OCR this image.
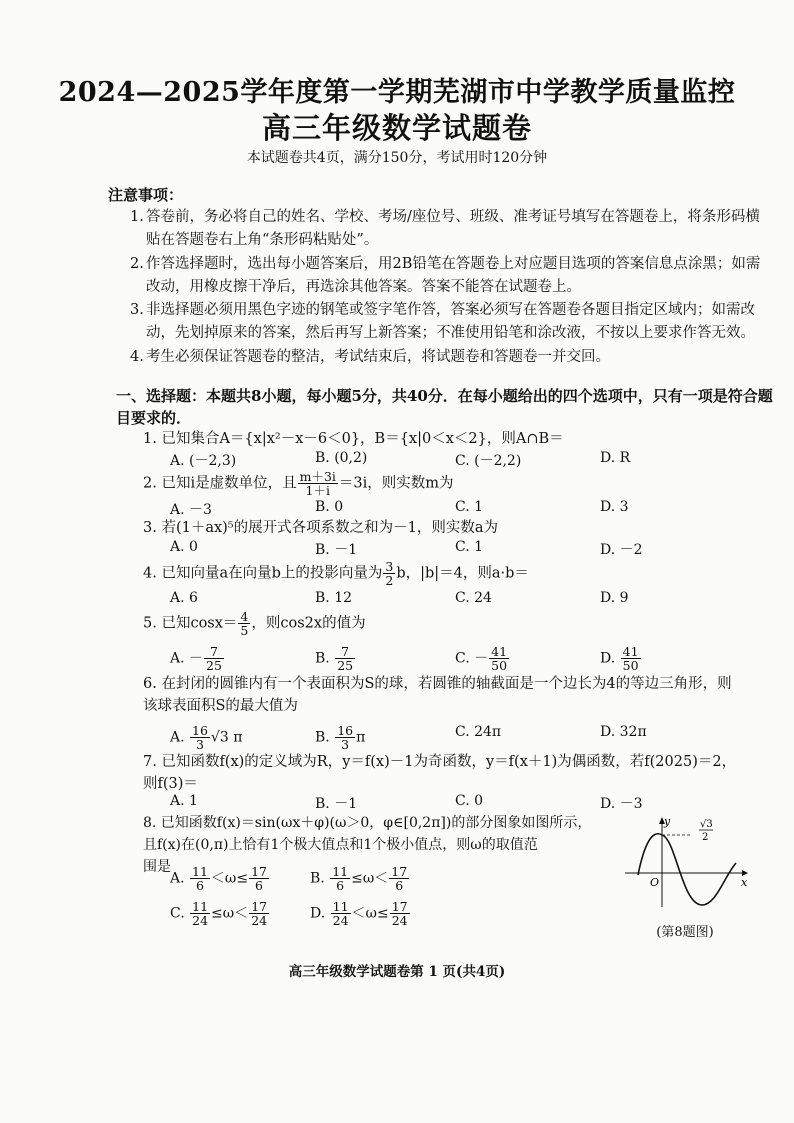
2024—2025学年度第一学期芜湖市中学教学质量监控
高三年级数学试题卷
本试题卷共4页，满分150分，考试用时120分钟
注意事项：
1. 答卷前，务必将自己的姓名、学校、考场/座位号、班级、准考证号填写在答题卷上，将条形码横贴在答题卷右上角“条形码粘贴处”。
2. 作答选择题时，选出每小题答案后，用2B铅笔在答题卷上对应题目选项的答案信息点涂黑；如需改动，用橡皮擦干净后，再选涂其他答案。答案不能答在试题卷上。
3. 非选择题必须用黑色字迹的钢笔或签字笔作答，答案必须写在答题卷各题目指定区域内；如需改动，先划掉原来的答案，然后再写上新答案；不准使用铅笔和涂改液，不按以上要求作答无效。
4. 考生必须保证答题卷的整洁，考试结束后，将试题卷和答题卷一并交回。
一、选择题：本题共8小题，每小题5分，共40分．在每小题给出的四个选项中，只有一项是符合题目要求的．
1. 已知集合A＝{x|x²－x－6＜0}，B＝{x|0＜x＜2}，则A∩B＝
A. (－2,3)	B. (0,2)	C. (－2,2)	D. R
2. 已知i是虚数单位，且 $\frac{m+3i}{1+i} =3i$，则实数m为
A. －3	B. 0	C. 1	D. 3
3. 若(1＋ax)⁵的展开式各项系数之和为－1，则实数a为
A. 0	B. －1	C. 1	D. －2
4. 已知向量a在向量b上的投影向量为 $\frac{3}{2}$ b，|b|＝4，则a·b＝
A. 6	B. 12	C. 24	D. 9
5. 已知$\cos x= \frac{4}{5}$ ，则cos2x的值为
A. － $\frac{7}{25}$	B. $\frac{7}{25}$	C. － $\frac{41}{50}$	D. $\frac{41}{50}$
6. 在封闭的圆锥内有一个表面积为S的球，若圆锥的轴截面是一个边长为4的等边三角形，则
该球表面积S的最大值为
A. $\frac{16}{3} √3$ π	B. $\frac{16}{3}$ π	C. 24π	D. 32π
7. 已知函数f(x)的定义域为R，y＝f(x)－1为奇函数，y＝f(x＋1)为偶函数，若f(2025)＝2，
则f(3)＝
A. 1	B. －1	C. 0	D. －3
8. 已知函数f(x)＝sin(ωx＋φ)(ω＞0，φ∈[0,2π])的部分图象如图所示，
且f(x)在(0,π)上恰有1个极大值点和1个极小值点，则ω的取值范
围是
A. $\frac{11}{6} <\omega\le \frac{17}{6}$	B. $\frac{11}{6} \le\omega< \frac{17}{6}$
C. $\frac{11}{24} \le\omega< \frac{17}{24}$	D. $\frac{11}{24} <\omega\le \frac{17}{24}$
y
x
O
√3
2
(第8题图)
高三年级数学试题卷第 1 页(共4页)
